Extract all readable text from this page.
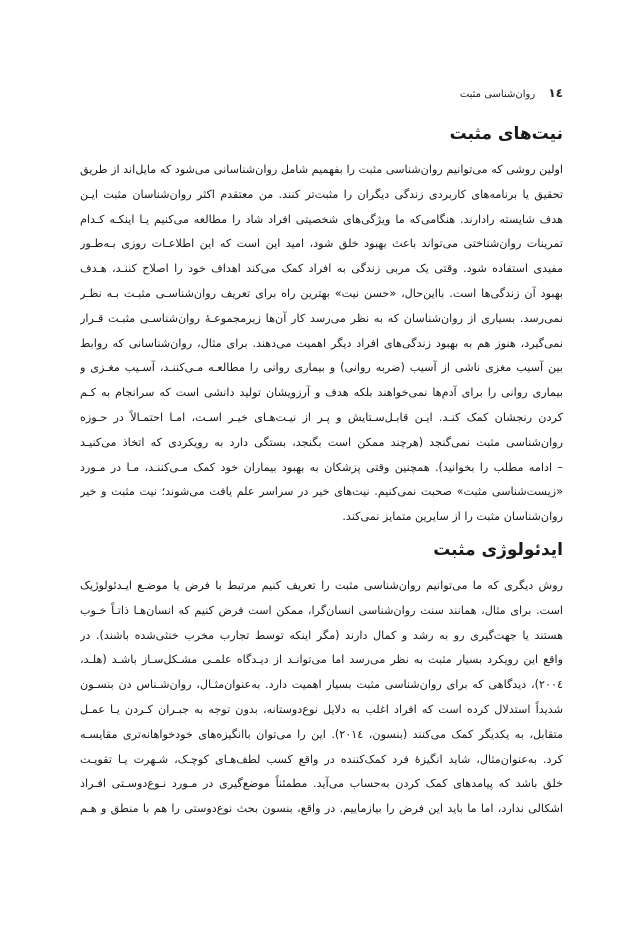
١٤ روان‌شناسی مثبت
نیت‌های مثبت
اولین روشی که می‌توانیم روان‌شناسی مثبت را بفهمیم شامل روان‌شناسانی می‌شود که مایل‌اند از طریق
تحقیق یا برنامه‌های کاربردی زندگی دیگران را مثبت‌تر کنند. من معتقدم اکثر روان‌شناسان مثبت ایـن
هدف شایسته رادارند. هنگامی‌که ما ویژگی‌های شخصیتی افراد شاد را مطالعه می‌کنیم یـا اینکـه کـدام
تمرینات روان‌شناختی می‌تواند باعث بهبود خلق شود، امید این است که این اطلاعـات روزی بـه‌طـور
مفیدی استفاده شود. وقتی یک مربی زندگی به افراد کمک می‌کند اهداف خود را اصلاح کننـد، هـدف
بهبود آن زندگی‌ها است. بااین‌حال، «حسن نیت» بهترین راه برای تعریف روان‌شناسـی مثبـت بـه نظـر
نمی‌رسد. بسیاری از روان‌شناسان که به نظر می‌رسد کار آن‌ها زیرمجموعـۀ روان‌شناسـی مثبـت قـرار
نمی‌گیرد، هنوز هم به بهبود زندگی‌های افراد دیگر اهمیت می‌دهند. برای مثال، روان‌شناسانی که روابط
بین آسیب مغزی ناشی از آسیب (ضربه روانی) و بیماری روانی را مطالعـه مـی‌کننـد، آسـیب مغـزی و
بیماری روانی را برای آدم‌ها نمی‌خواهند بلکه هدف و آرزویشان تولید دانشی است که سرانجام به کـم
کردن رنجشان کمک کنـد. ایـن قابـل‌سـتایش و پـر از نیـت‌هـای خیـر اسـت، امـا احتمـالاً در حـوزه
روان‌شناسی مثبت نمی‌گنجد (هرچند ممکن است بگنجد، بستگی دارد به رویکردی که اتخاذ می‌کنیـد
– ادامه مطلب را بخوانید). همچنین وقتی پزشکان به بهبود بیماران خود کمک مـی‌کننـد، مـا در مـورد
«زیست‌شناسی مثبت» صحبت نمی‌کنیم. نیت‌های خیر در سراسر علم یافت می‌شوند؛ نیت مثبت و خیر
روان‌شناسان مثبت را از سایرین متمایز نمی‌کند.
ایدئولوژی مثبت
روش دیگری که ما می‌توانیم روان‌شناسی مثبت را تعریف کنیم مرتبط با فرض یا موضـع ایـدئولوژیک
است. برای مثال، همانند سنت روان‌شناسی انسان‌گرا، ممکن است فرض کنیم که انسان‌هـا ذاتـاً خـوب
هستند یا جهت‌گیری رو به رشد و کمال دارند (مگر اینکه توسط تجارب مخرب خنثی‌شده باشند). در
واقع این رویکرد بسیار مثبت به نظر می‌رسد اما می‌توانـد از دیـدگاه علمـی مشـکل‌سـاز باشـد (هلـد،
٢٠٠٤)، دیدگاهی که برای روان‌شناسی مثبت بسیار اهمیت دارد. به‌عنوان‌مثـال، روان‌شـناس دن بنسـون
شدیداً استدلال کرده است که افراد اغلب به دلایل نوع‌دوستانه، بدون توجه به جبـران کـردن یـا عمـل
متقابل، به یکدیگر کمک می‌کنند (بنسون، ٢٠١٤). این را می‌توان باانگیزه‌های خودخواهانه‌تری مقایسـه
کرد. به‌عنوان‌مثال، شاید انگیزهٔ فرد کمک‌کننده در واقع کسب لطف‌هـای کوچـک، شـهرت یـا تقویـت
خلق باشد که پیامدهای کمک کردن به‌حساب می‌آید. مطمئناً موضع‌گیری در مـورد نـوع‌دوسـتی افـراد
اشکالی ندارد، اما ما باید این فرض را بیازماییم. در واقع، بنسون بحث نوع‌دوستی را هم با منطق و هـم
